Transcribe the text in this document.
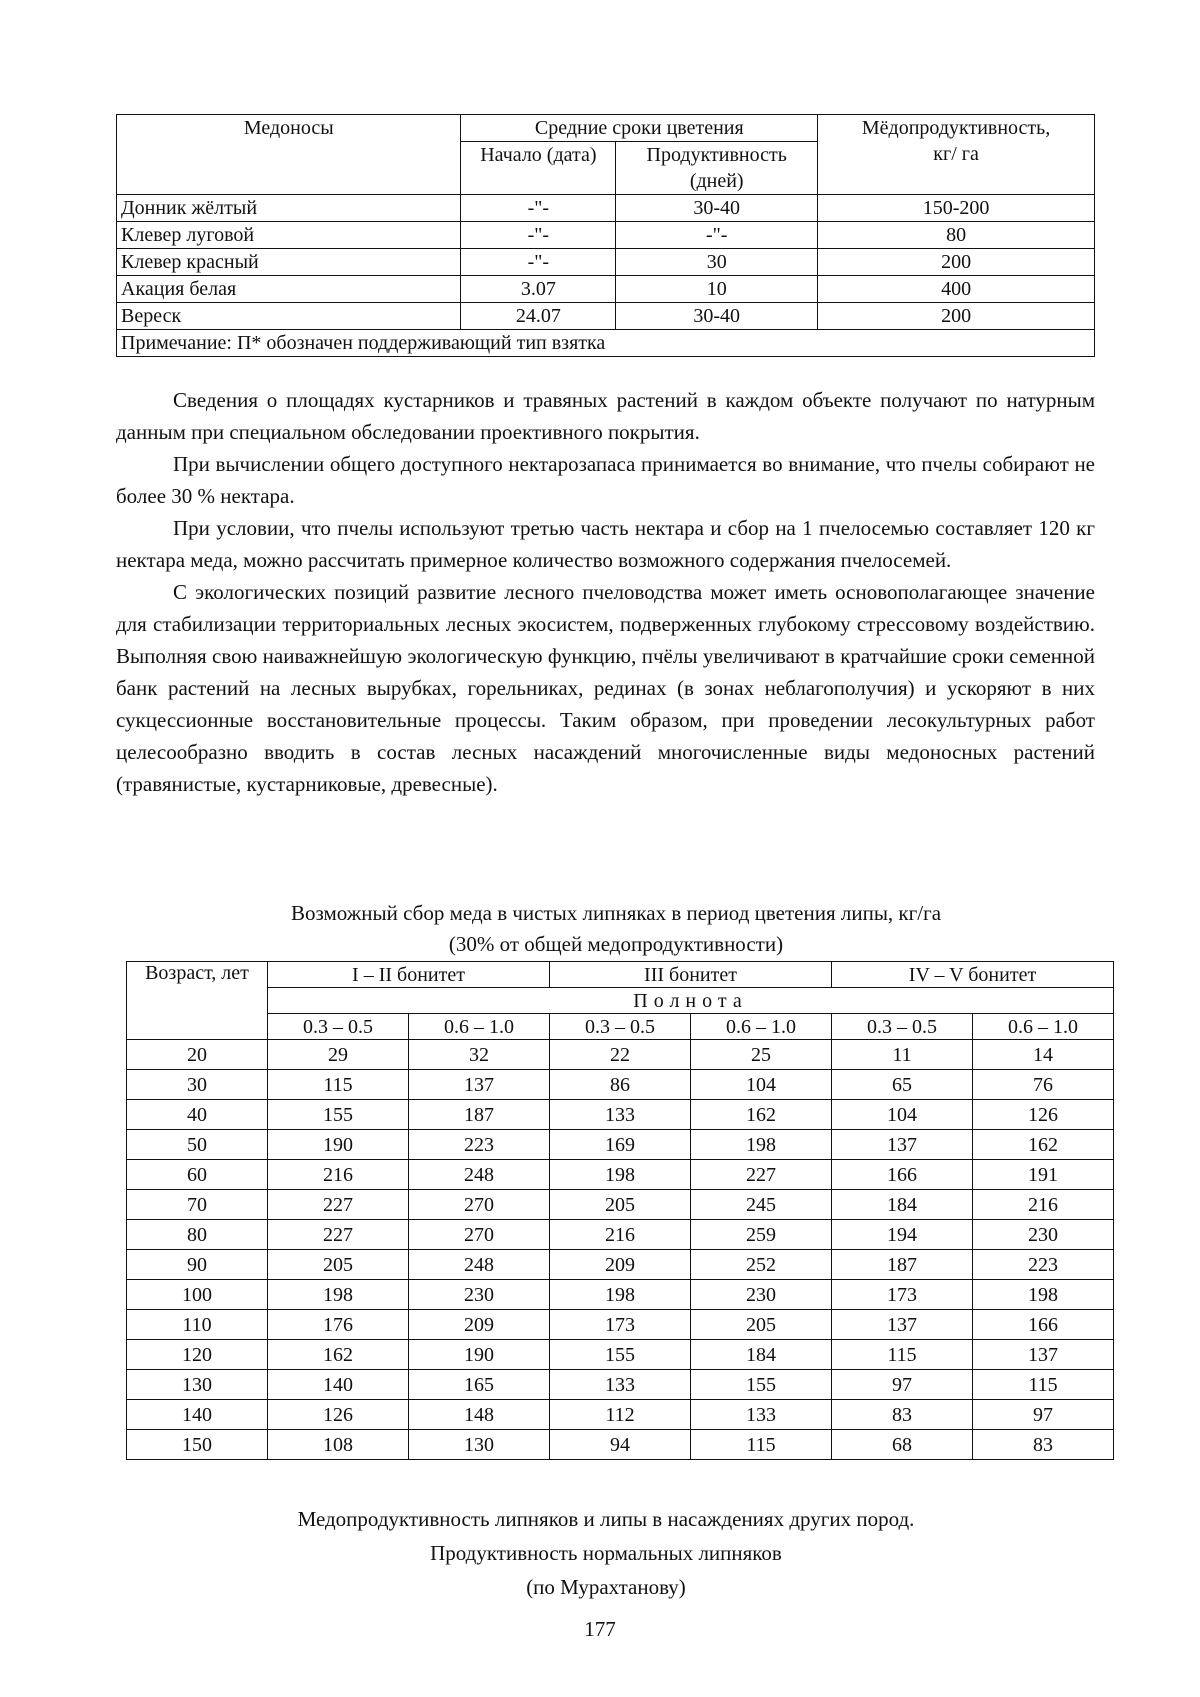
Медоносы	Средние сроки цветения		Мёдопродуктивность,
кг/ га

	Начало (дата)	Продуктивность (дней)	
Донник жёлтый	-"-	30-40	150-200
Клевер луговой	-"-	-"-	80
Клевер красный	-"-	30	200
Акация белая	3.07	10	400
Вереск	24.07	30-40	200
Примечание: П* обозначен поддерживающий тип взятка			

Сведения о площадях кустарников и травяных растений в каждом объекте получают по натурным данным при специальном обследовании проективного покрытия.

При вычислении общего доступного нектарозапаса принимается во внимание, что пчелы собирают не более 30 % нектара.

При условии, что пчелы используют третью часть нектара и сбор на 1 пчелосемью составляет 120 кг нектара меда, можно рассчитать примерное количество возможного содержания пчелосемей.

С экологических позиций развитие лесного пчеловодства может иметь основополагающее значение для стабилизации территориальных лесных экосистем, подверженных глубокому стрессовому воздействию. Выполняя свою наиважнейшую экологическую функцию, пчёлы увеличивают в кратчайшие сроки семенной банк растений на лесных вырубках, горельниках, рединах (в зонах неблагополучия) и ускоряют в них сукцессионные восстановительные процессы. Таким образом, при проведении лесокультурных работ целесообразно вводить в состав лесных насаждений многочисленные виды медоносных растений (травянистые, кустарниковые, древесные).

Возможный сбор меда в чистых липняках в период цветения липы, кг/га
(30% от общей медопродуктивности)
Возраст, лет	I – II бонитет		III бонитет		IV – V бонитет	
	Полнота					
	0.3 – 0.5	0.6 – 1.0	0.3 – 0.5	0.6 – 1.0	0.3 – 0.5	0.6 – 1.0
20	29	32	22	25	11	14
30	115	137	86	104	65	76
40	155	187	133	162	104	126
50	190	223	169	198	137	162
60	216	248	198	227	166	191
70	227	270	205	245	184	216
80	227	270	216	259	194	230
90	205	248	209	252	187	223
100	198	230	198	230	173	198
110	176	209	173	205	137	166
120	162	190	155	184	115	137
130	140	165	133	155	97	115
140	126	148	112	133	83	97
150	108	130	94	115	68	83
Медопродуктивность липняков и липы в насаждениях других пород.
Продуктивность нормальных липняков
(по Мурахтанову)
177
